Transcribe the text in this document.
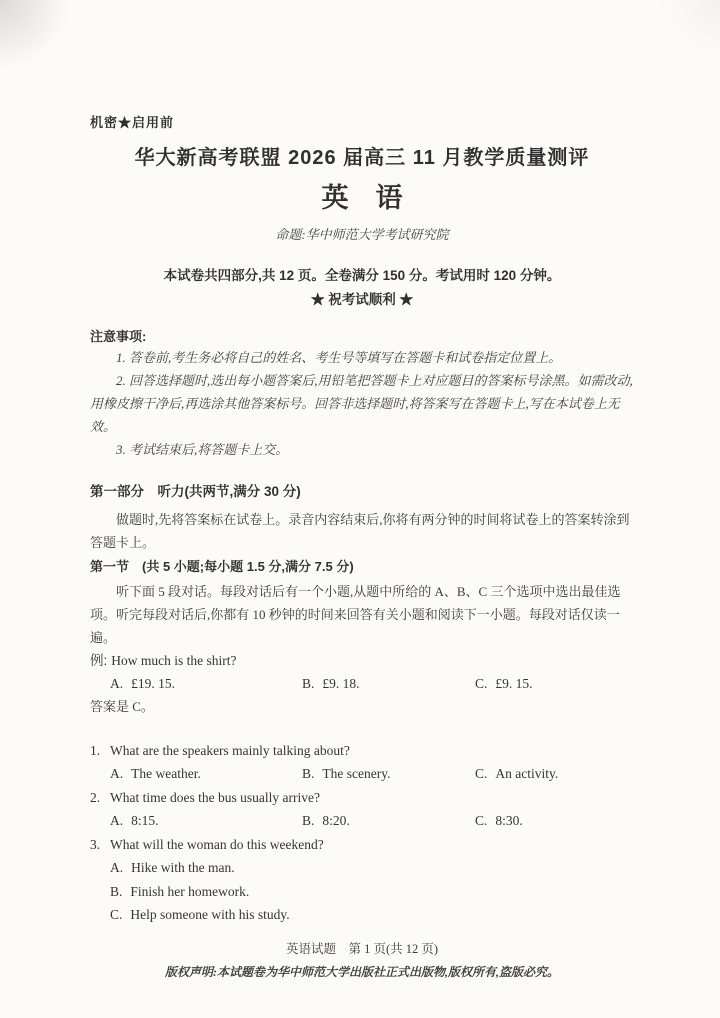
机密★启用前
华大新高考联盟 2026 届高三 11 月教学质量测评
英　语
命题:华中师范大学考试研究院
本试卷共四部分,共 12 页。全卷满分 150 分。考试用时 120 分钟。
★ 祝考试顺利 ★
注意事项:

1. 答卷前,考生务必将自己的姓名、考生号等填写在答题卡和试卷指定位置上。

2. 回答选择题时,选出每小题答案后,用铅笔把答题卡上对应题目的答案标号涂黑。如需改动,用橡皮擦干净后,再选涂其他答案标号。回答非选择题时,将答案写在答题卡上,写在本试卷上无效。

3. 考试结束后,将答题卡上交。

第一部分　听力(共两节,满分 30 分)

做题时,先将答案标在试卷上。录音内容结束后,你将有两分钟的时间将试卷上的答案转涂到答题卡上。

第一节　(共 5 小题;每小题 1.5 分,满分 7.5 分)

听下面 5 段对话。每段对话后有一个小题,从题中所给的 A、B、C 三个选项中选出最佳选项。听完每段对话后,你都有 10 秒钟的时间来回答有关小题和阅读下一小题。每段对话仅读一遍。

例: How much is the shirt?
A. £19. 15.	B. £9. 18.	C. £9. 15.
答案是 C。
1. What are the speakers mainly talking about?
A. The weather.	B. The scenery.	C. An activity.
2. What time does the bus usually arrive?
A. 8:15.	B. 8:20.	C. 8:30.
3. What will the woman do this weekend?
A. Hike with the man.
B. Finish her homework.
C. Help someone with his study.
英语试题　第 1 页(共 12 页)
版权声明:本试题卷为华中师范大学出版社正式出版物,版权所有,盗版必究。
